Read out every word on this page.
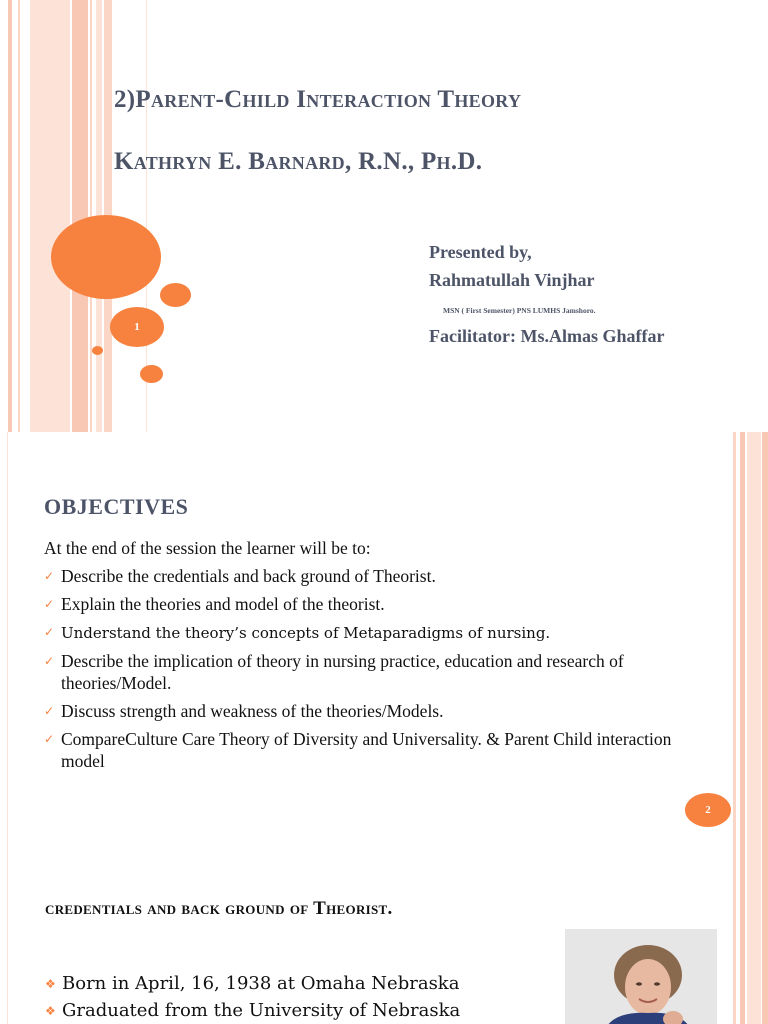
2)Parent-Child Interaction Theory
Kathryn E. Barnard, R.N., Ph.D.
1
Presented by,
Rahmatullah Vinjhar
MSN ( First Semester) PNS LUMHS Jamshoro.
Facilitator: Ms.Almas Ghaffar
OBJECTIVES
At the end of the session the learner will be to:
✓ Describe the credentials and back ground of Theorist.
✓ Explain the theories and model of the theorist.
✓ Understand the theory’s concepts of Metaparadigms of nursing.
✓ Describe the implication of theory in nursing practice, education and research of theories/Model.
✓ Discuss strength and weakness of the theories/Models.
✓ CompareCulture Care Theory of Diversity and Universality. & Parent Child interaction model
2
credentials and back ground of Theorist.
❖ Born in April, 16, 1938 at Omaha Nebraska
❖ Graduated from the University of Nebraska
